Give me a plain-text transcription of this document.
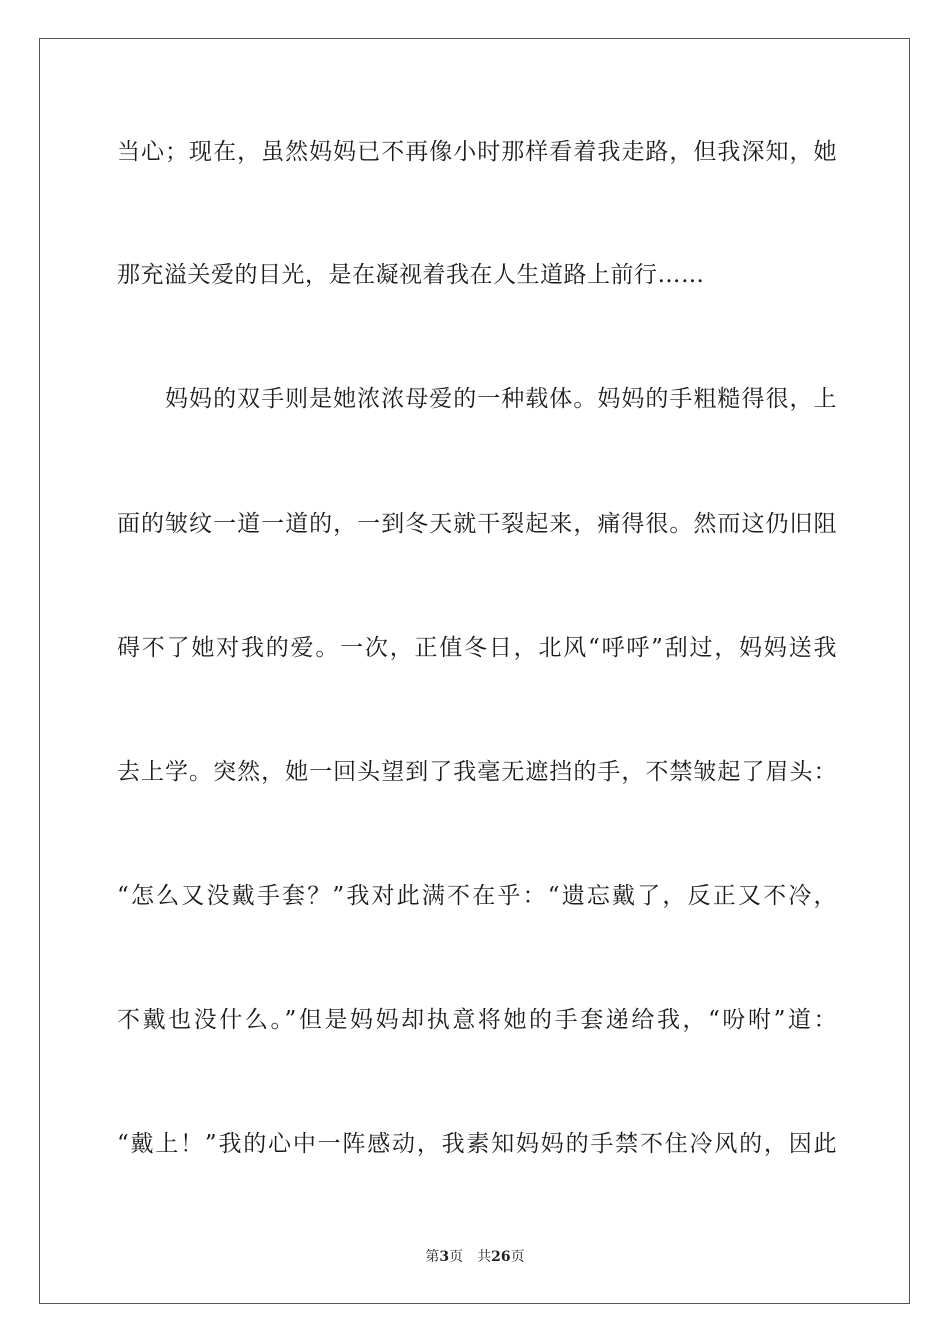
当心；现在，虽然妈妈已不再像小时那样看着我走路，但我深知，她
那充溢关爱的目光，是在凝视着我在人生道路上前行……
　　妈妈的双手则是她浓浓母爱的一种载体。妈妈的手粗糙得很，上
面的皱纹一道一道的，一到冬天就干裂起来，痛得很。然而这仍旧阻
碍不了她对我的爱。一次，正值冬日，北风“呼呼”刮过，妈妈送我
去上学。突然，她一回头望到了我毫无遮挡的手，不禁皱起了眉头：
“怎么又没戴手套？”我对此满不在乎：“遗忘戴了，反正又不冷，
不戴也没什么。”但是妈妈却执意将她的手套递给我，“吩咐”道：
“戴上！”我的心中一阵感动，我素知妈妈的手禁不住冷风的，因此
第3页 共26页
